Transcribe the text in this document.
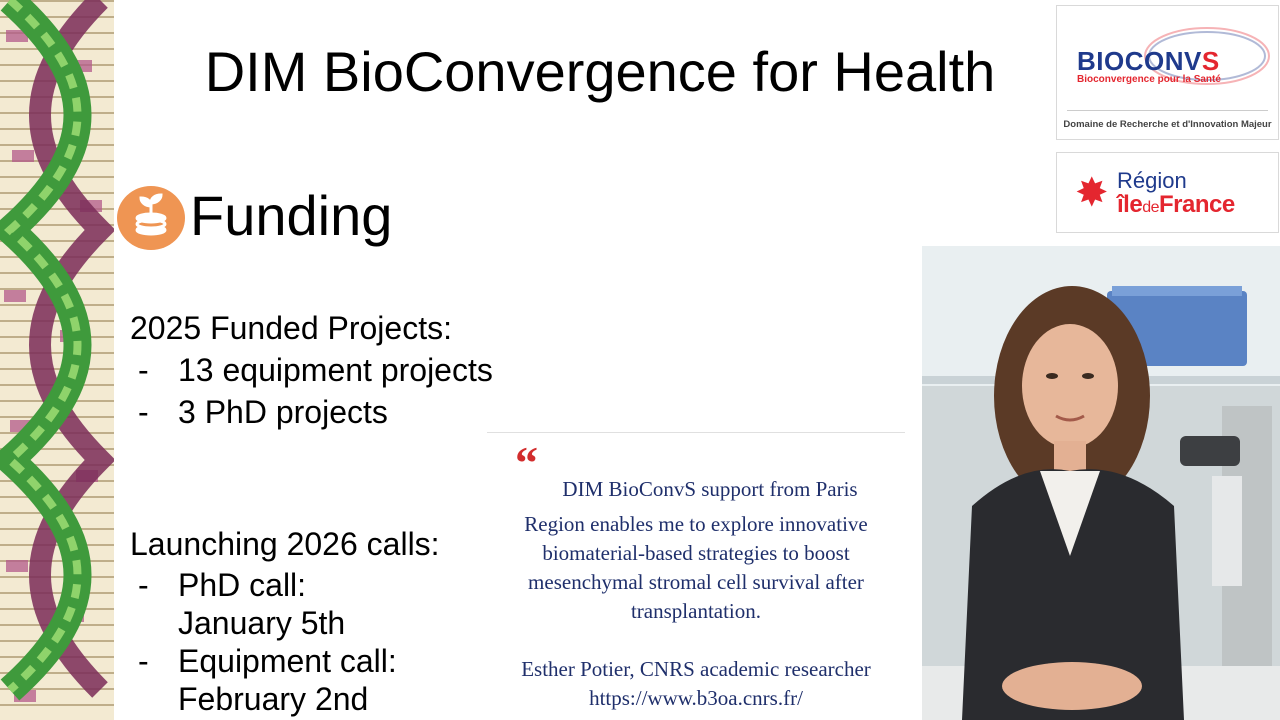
DIM BioConvergence for Health
Funding
2025 Funded Projects:
- 13 equipment projects
- 3 PhD projects
Launching 2026 calls:
- PhD call:
January 5th
- Equipment call:
February 2nd
BIOCONVS
Bioconvergence pour la Santé
Domaine de Recherche et d'Innovation Majeur
✸ Région
îledeFrance
“
DIM BioConvS support from Paris
Region enables me to explore innovative
biomaterial-based strategies to boost
mesenchymal stromal cell survival after
transplantation.
Esther Potier, CNRS academic researcher
https://www.b3oa.cnrs.fr/
